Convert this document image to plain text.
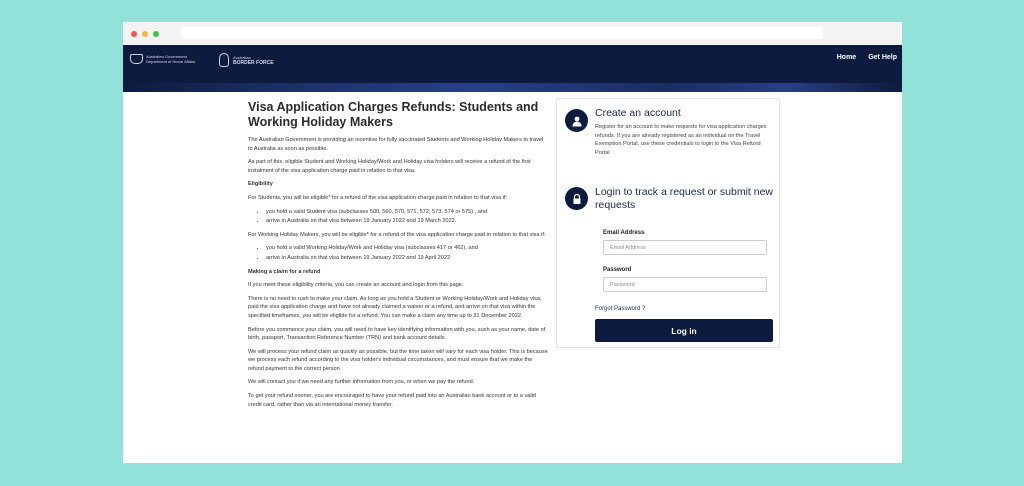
Australian Government
Department of Home Affairs
Australian
BORDER FORCE
Home Get Help
Visa Application Charges Refunds: Students and Working Holiday Makers

The Australian Government is providing an incentive for fully vaccinated Students and Working Holiday Makers to travel to Australia as soon as possible.

As part of this, eligible Student and Working Holiday/Work and Holiday visa holders will receive a refund of the first instalment of the visa application charge paid in relation to that visa.

Eligibility

For Students, you will be eligible* for a refund of the visa application charge paid in relation to that visa if:

• you hold a valid Student visa (subclasses 500, 560, 570, 571, 572, 573, 574 or 575) , and
• arrive in Australia on that visa between 19 January 2022 and 19 March 2022.

For Working Holiday Makers, you will be eligible* for a refund of the visa application charge paid in relation to that visa if:

• you hold a valid Working Holiday/Work and Holiday visa (subclasses 417 or 462), and
• arrive in Australia on that visa between 19 January 2022 and 19 April 2022.

Making a claim for a refund

If you meet these eligibility criteria, you can create an account and login from this page.

There is no need to rush to make your claim. As long as you hold a Student or Working Holiday/Work and Holiday visa, paid the visa application charge and have not already claimed a waiver or a refund, and arrive on that visa within the specified timeframes, you will be eligible for a refund. You can make a claim any time up to 31 December 2022.

Before you commence your claim, you will need to have key identifying information with you, such as your name, date of birth, passport, Transaction Reference Number (TRN) and bank account details.

We will process your refund claim as quickly as possible, but the time taken will vary for each visa holder. This is because we process each refund according to the visa holder's individual circumstances, and must ensure that we make the refund payment to the correct person.

We will contact you if we need any further information from you, or when we pay the refund.

To get your refund sooner, you are encouraged to have your refund paid into an Australian bank account or to a valid credit card, rather than via an international money transfer.

Create an account

Register for an account to make requests for visa application charges refunds. If you are already registered as an individual on the Travel Exemption Portal, use these credentials to login to the Visa Refund Portal

Login to track a request or submit new requests
Email Address
Email Address
Password
Forgot Password ?
Log in
